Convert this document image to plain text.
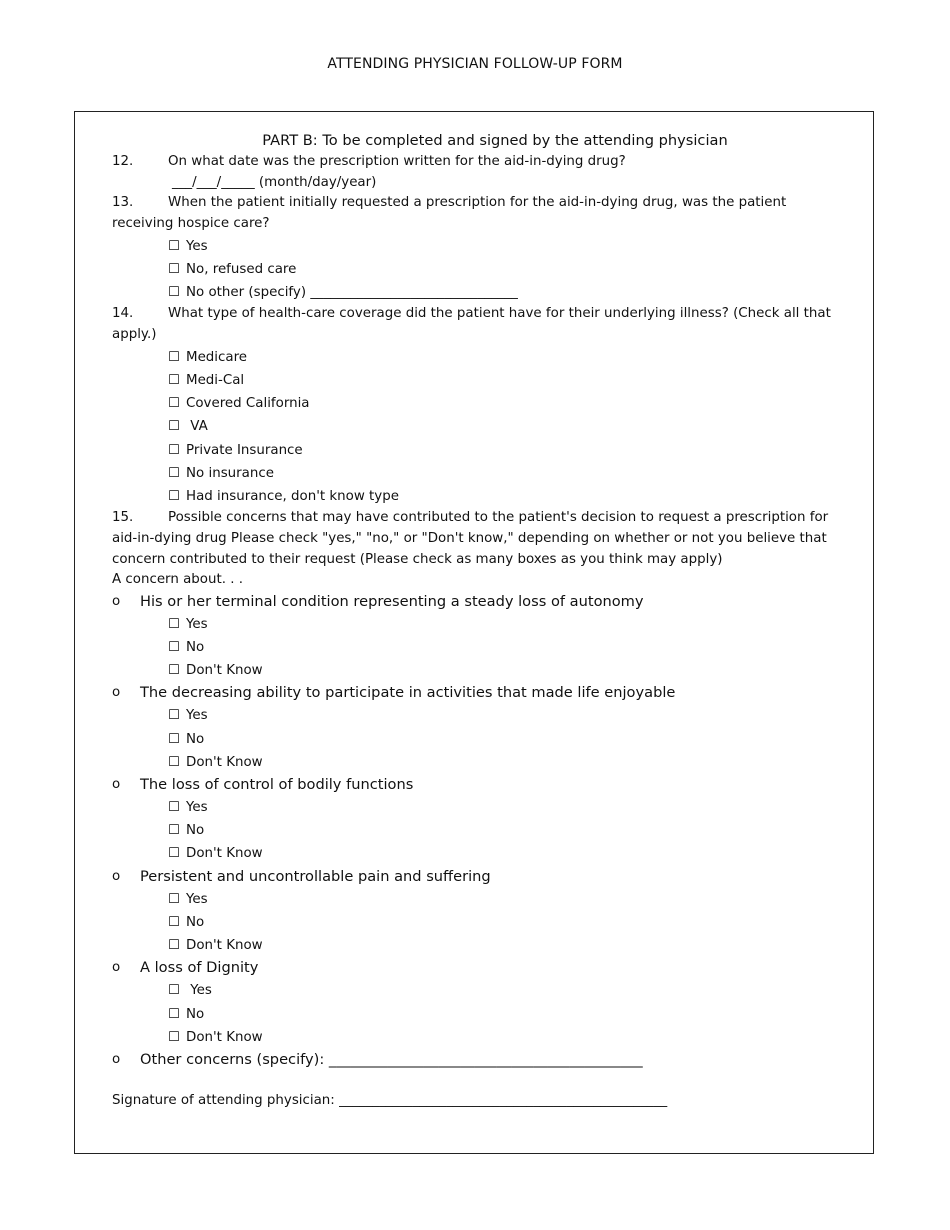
ATTENDING PHYSICIAN FOLLOW-UP FORM
PART B: To be completed and signed by the attending physician
12.	On what date was the prescription written for the aid-in-dying drug?
___/___/_____ (month/day/year)
13.	When the patient initially requested a prescription for the aid-in-dying drug, was the patient receiving hospice care?
☐ Yes
☐ No, refused care
☐ No other (specify) _______________________________
14.	What type of health-care coverage did the patient have for their underlying illness? (Check all that apply.)
☐ Medicare
☐ Medi-Cal
☐ Covered California
☐ VA
☐ Private Insurance
☐ No insurance
☐ Had insurance, don't know type
15.	Possible concerns that may have contributed to the patient's decision to request a prescription for aid-in-dying drug Please check "yes," "no," or "Don't know," depending on whether or not you believe that concern contributed to their request (Please check as many boxes as you think may apply)
A concern about. . .
o His or her terminal condition representing a steady loss of autonomy
☐ Yes
☐ No
☐ Don't Know
o The decreasing ability to participate in activities that made life enjoyable
☐ Yes
☐ No
☐ Don't Know
o The loss of control of bodily functions
☐ Yes
☐ No
☐ Don't Know
o Persistent and uncontrollable pain and suffering
☐ Yes
☐ No
☐ Don't Know
o A loss of Dignity
☐ Yes
☐ No
☐ Don't Know
o Other concerns (specify): ___________________________________________
Signature of attending physician: _________________________________________________
